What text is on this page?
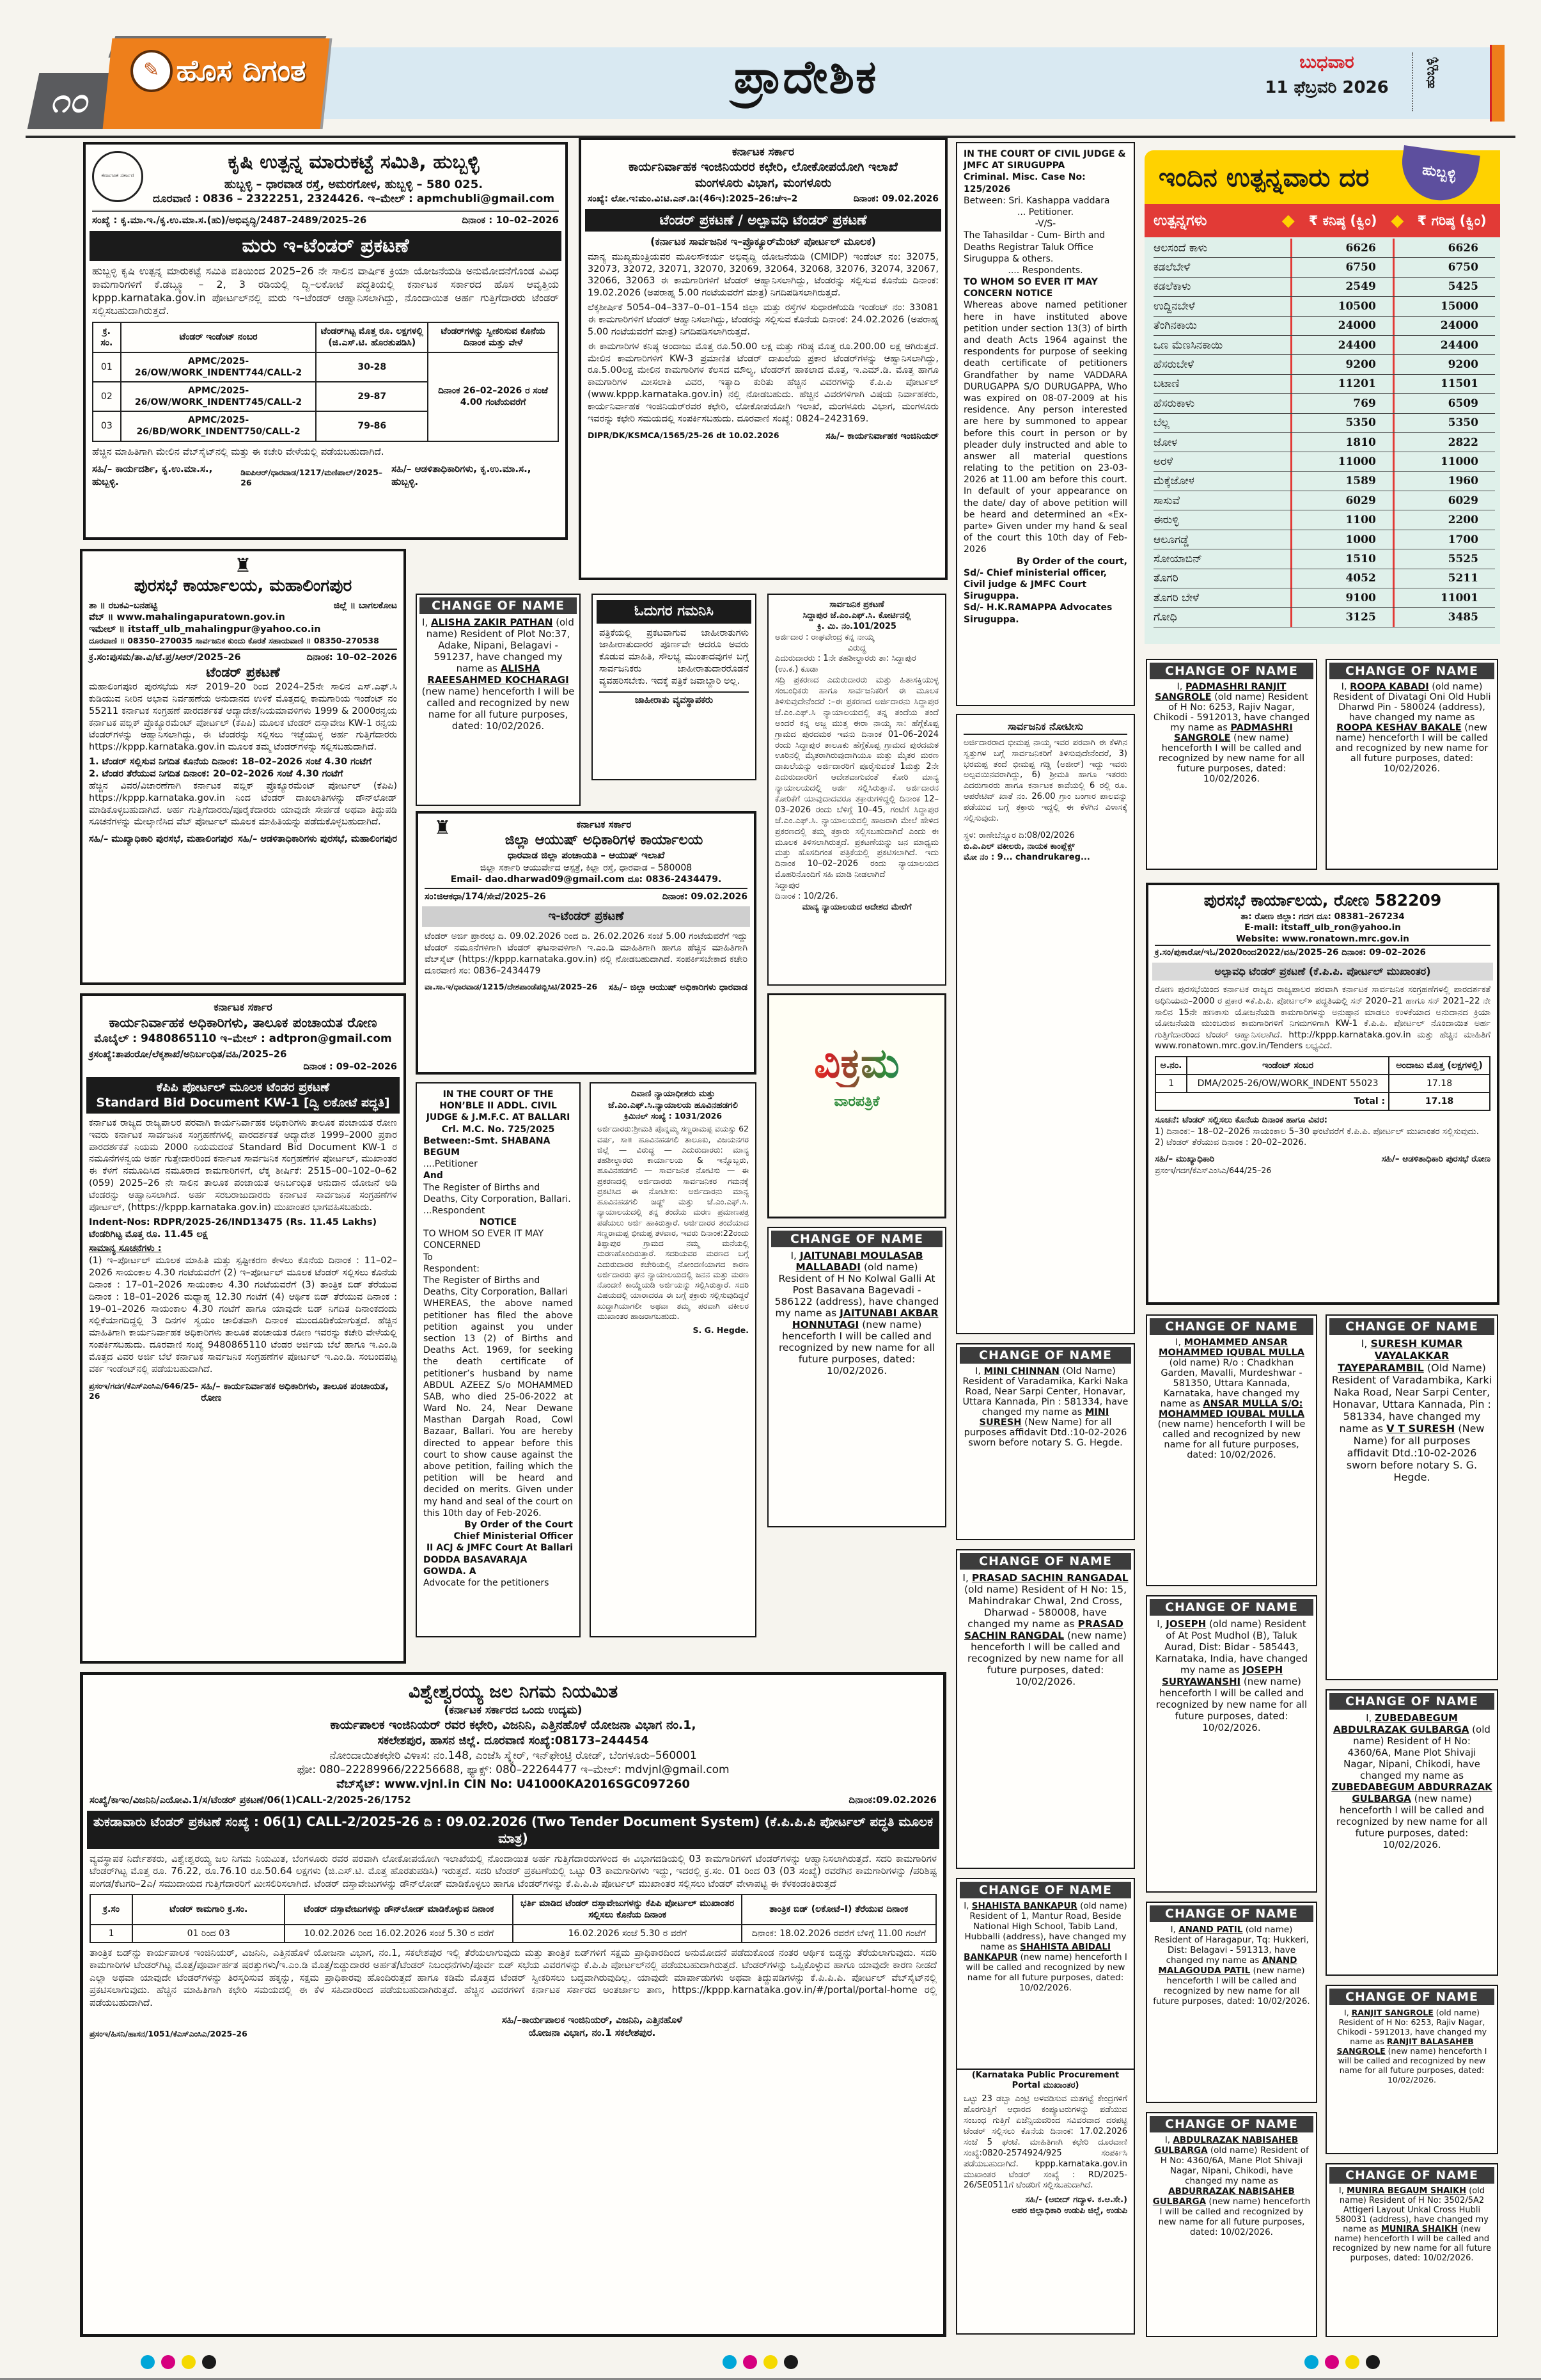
೧೦
✎ ಹೊಸ ದಿಗಂತ	ಪ್ರಾದೇಶಿಕ	ಬುಧವಾರ
11 ಫೆಬ್ರವರಿ 2026	ಹುಬ್ಬಳ್ಳಿ
ಕರ್ನಾಟಕ ಸರ್ಕಾರ
ಕೃಷಿ ಉತ್ಪನ್ನ ಮಾರುಕಟ್ಟೆ ಸಮಿತಿ, ಹುಬ್ಬಳ್ಳಿ
ಹುಬ್ಬಳ್ಳಿ – ಧಾರವಾಡ ರಸ್ತೆ, ಅಮರಗೋಳ, ಹುಬ್ಬಳ್ಳಿ – 580 025.
ದೂರವಾಣಿ : 0836 – 2322251, 2324426. ಇ–ಮೇಲ್ : apmchubli@gmail.com
ಸಂಖ್ಯೆ : ಕೃ.ಮಾ.ಇ./ಕೃ.ಉ.ಮಾ.ಸ.(ಹು)/ಅಭಿವೃದ್ಧಿ/2487–2489/2025–26	ದಿನಾಂಕ : 10–02–2026
ಮರು ಇ-ಟೆಂಡರ್ ಪ್ರಕಟಣೆ
ಹುಬ್ಬಳ್ಳಿ ಕೃಷಿ ಉತ್ಪನ್ನ ಮಾರುಕಟ್ಟೆ ಸಮಿತಿ ವತಿಯಿಂದ 2025–26 ನೇ ಸಾಲಿನ ವಾರ್ಷಿಕ ಕ್ರಿಯಾ ಯೋಜನೆಯಡಿ ಅನುಮೋದನೆಗೊಂಡ ವಿವಿಧ ಕಾಮಗಾರಿಗಳಿಗೆ ಕೆ.ಡಬ್ಲ್ಯೂ – 2, 3 ರಡಿಯಲ್ಲಿ ದ್ವಿ–ಲಕೋಟೆ ಪದ್ಧತಿಯಲ್ಲಿ ಕರ್ನಾಟಕ ಸರ್ಕಾರದ ಹೊಸ ಆವೃತ್ತಿಯ kppp.karnataka.gov.in ಪೋರ್ಟಲ್‌ನಲ್ಲಿ ಮರು ಇ–ಟೆಂಡರ್ ಆಹ್ವಾನಿಸಲಾಗಿದ್ದು, ನೊಂದಾಯಿತ ಅರ್ಹ ಗುತ್ತಿಗೆದಾರರು ಟೆಂಡರ್ ಸಲ್ಲಿಸಬಹುದಾಗಿರುತ್ತದೆ.
ಕ್ರ. ಸಂ.	ಟೆಂಡರ್ ಇಂಡೆಂಟ್ ನಂಬರ	ಟೆಂಡರ್‌ಗಿಟ್ಟ ಮೊತ್ತ ರೂ. ಲಕ್ಷಗಳಲ್ಲಿ (ಜಿ.ಎಸ್.ಟಿ. ಹೊರತುಪಡಿಸಿ)	ಟೆಂಡರ್‌ಗಳನ್ನು ಸ್ವೀಕರಿಸುವ ಕೊನೆಯ ದಿನಾಂಕ ಮತ್ತು ವೇಳೆ
01	APMC/2025-26/OW/WORK_INDENT744/CALL-2	30-28	ದಿನಾಂಕ 26–02–2026 ರ ಸಂಜೆ 4.00 ಗಂಟೆಯವರೆಗೆ
02	APMC/2025-26/OW/WORK_INDENT745/CALL-2	29-87	
03	APMC/2025-26/BD/WORK_INDENT750/CALL-2	79-86	
ಹೆಚ್ಚಿನ ಮಾಹಿತಿಗಾಗಿ ಮೇಲಿನ ವೆಬ್‌ಸೈಟ್‌ನಲ್ಲಿ ಮತ್ತು ಈ ಕಚೇರಿ ವೇಳೆಯಲ್ಲಿ ಪಡೆಯಬಹುದಾಗಿದೆ.
ಸಹಿ/– ಕಾರ್ಯದರ್ಶಿ, ಕೃ.ಉ.ಮಾ.ಸ., ಹುಬ್ಬಳ್ಳಿ.
ಡಿಐಪಿಆರ್/ಧಾರವಾಡ/1217/ಮಣಿಪಾಲ್/2025–26
ಸಹಿ/– ಆಡಳಿತಾಧಿಕಾರಿಗಳು, ಕೃ.ಉ.ಮಾ.ಸ., ಹುಬ್ಬಳ್ಳಿ.
ಕರ್ನಾಟಕ ಸರ್ಕಾರ
ಕಾರ್ಯನಿರ್ವಾಹಕ ಇಂಜಿನಿಯರರ ಕಛೇರಿ, ಲೋಕೋಪಯೋಗಿ ಇಲಾಖೆ
ಮಂಗಳೂರು ವಿಭಾಗ, ಮಂಗಳೂರು
ಸಂಖ್ಯೆ: ಲೋ.ಇ:ಮಂ.ವಿ:ಟಿ.ಎನ್.ಡಿ:(46ಇ):2025–26:ಚೆಇ–2	ದಿನಾಂಕ: 09.02.2026
ಟೆಂಡರ್ ಪ್ರಕಟಣೆ / ಅಲ್ಪಾವಧಿ ಟೆಂಡರ್ ಪ್ರಕಟಣೆ
(ಕರ್ನಾಟಕ ಸಾರ್ವಜನಿಕ ಇ–ಪ್ರೊಕ್ಯೂರ್‌ಮೆಂಟ್ ಪೋರ್ಟಲ್ ಮೂಲಕ)
ಮಾನ್ಯ ಮುಖ್ಯಮಂತ್ರಿಯವರ ಮೂಲಸೌಕರ್ಯ ಅಭಿವೃದ್ಧಿ ಯೋಜನೆಯಡಿ (CMIDP) ಇಂಡೆಂಟ್ ನಂ: 32075, 32073, 32072, 32071, 32070, 32069, 32064, 32068, 32076, 32074, 32067, 32066, 32063 ಈ ಕಾಮಗಾರಿಗಳಿಗೆ ಟೆಂಡರ್ ಆಹ್ವಾನಿಸಲಾಗಿದ್ದು, ಟೆಂಡರನ್ನು ಸಲ್ಲಿಸುವ ಕೊನೆಯ ದಿನಾಂಕ: 19.02.2026 (ಅಪರಾಹ್ನ 5.00 ಗಂಟೆಯವರೆಗೆ ಮಾತ್ರ) ನಿಗದಿಪಡಿಸಲಾಗಿರುತ್ತದೆ.
ಲೆಕ್ಕಶೀರ್ಷಿಕೆ 5054–04–337–0–01–154 ಜಿಲ್ಲಾ ಮತ್ತು ರಸ್ತೆಗಳ ಸುಧಾರಣೆಯಡಿ ಇಂಡೆಂಟ್ ನಂ: 33081 ಈ ಕಾಮಗಾರಿಗಳಿಗೆ ಟೆಂಡರ್ ಆಹ್ವಾನಿಸಲಾಗಿದ್ದು, ಟೆಂಡರನ್ನು ಸಲ್ಲಿಸುವ ಕೊನೆಯ ದಿನಾಂಕ: 24.02.2026 (ಅಪರಾಹ್ನ 5.00 ಗಂಟೆಯವರೆಗೆ ಮಾತ್ರ) ನಿಗದಿಪಡಿಸಲಾಗಿರುತ್ತದೆ.
ಈ ಕಾಮಗಾರಿಗಳ ಕನಿಷ್ಠ ಅಂದಾಜು ಮೊತ್ತ ರೂ.50.00 ಲಕ್ಷ ಮತ್ತು ಗರಿಷ್ಠ ಮೊತ್ತ ರೂ.200.00 ಲಕ್ಷ ಆಗಿರುತ್ತದೆ. ಮೇಲಿನ ಕಾಮಗಾರಿಗಳಿಗೆ KW-3 ಪ್ರಮಾಣಿತ ಟೆಂಡರ್ ದಾಖಲೆಯ ಪ್ರಕಾರ ಟೆಂಡರ್‌ಗಳನ್ನು ಆಹ್ವಾನಿಸಲಾಗಿದ್ದು, ರೂ.5.00ಲಕ್ಷ ಮೇಲಿನ ಕಾಮಗಾರಿಗಳ ಕೆಲಸದ ಮೌಲ್ಯ, ಟೆಂಡರ್‌ಗೆ ಹಾಕಲಾದ ಮೊತ್ತ, ಇ.ಎಮ್.ಡಿ. ಮೊತ್ತ ಹಾಗೂ ಕಾಮಗಾರಿಗಳ ಮೀಸಲಾತಿ ವಿವರ, ಇತ್ಯಾದಿ ಕುರಿತು ಹೆಚ್ಚಿನ ವಿವರಗಳನ್ನು ಕೆ.ಪಿ.ಪಿ ಪೋರ್ಟಲ್ (www.kppp.karnataka.gov.in) ನಲ್ಲಿ ನೋಡಬಹುದು. ಹೆಚ್ಚಿನ ವಿವರಗಳಿಗಾಗಿ ವಿಷಯ ನಿರ್ವಾಹಕರು, ಕಾರ್ಯನಿರ್ವಾಹಕ ಇಂಜಿನಿಯರ್‌ರವರ ಕಛೇರಿ, ಲೋಕೋಪಯೋಗಿ ಇಲಾಖೆ, ಮಂಗಳೂರು ವಿಭಾಗ, ಮಂಗಳೂರು ಇವರನ್ನು ಕಛೇರಿ ಸಮಯದಲ್ಲಿ ಸಂಪರ್ಕಿಸಬಹುದು. ದೂರವಾಣಿ ಸಂಖ್ಯೆ: 0824–2423169.
DIPR/DK/KSMCA/1565/25-26 dt 10.02.2026	ಸಹಿ/– ಕಾರ್ಯನಿರ್ವಾಹಕ ಇಂಜಿನಿಯರ್
IN THE COURT OF CIVIL JUDGE & JMFC AT SIRUGUPPA
Criminal. Misc. Case No: 125/2026
Between: Sri. Kashappa vaddara
... Petitioner.
-V/S-
The Tahasildar - Cum- Birth and Deaths Registrar Taluk Office Siruguppa & others.
.... Respondents.
TO WHOM SO EVER IT MAY CONCERN NOTICE
Whereas above named petitioner here in have instituted above petition under section 13(3) of birth and death Acts 1964 against the respondents for purpose of seeking death certificate of petitioners Grandfather by name VADDARA DURUGAPPA S/O DURUGAPPA, Who was expired on 08-07-2009 at his residence. Any person interested are here by summoned to appear before this court in person or by pleader duly instructed and able to answer all material questions relating to the petition on 23-03-2026 at 11.00 am before this court. In default of your appearance on the date/ day of above petition will be heard and determined an «Ex-parte» Given under my hand & seal of the court this 10th day of Feb-2026
By Order of the court,
Sd/- Chief ministerial officer, Civil judge & JMFC Court Siruguppa.
Sd/- H.K.RAMAPPA Advocates Siruguppa.
ಇಂದಿನ ಉತ್ಪನ್ನವಾರು ದರ	ಹುಬ್ಬಳ್ಳಿ
ಉತ್ಪನ್ನಗಳು	◆	₹ ಕನಿಷ್ಠ (ಕ್ವಿಂ) ◆	₹ ಗರಿಷ್ಠ (ಕ್ವಿಂ)
ಆಲಸಂದೆ ಕಾಳು	6626	6626
ಕಡಲೆಬೇಳೆ	6750	6750
ಕಡಲೆಕಾಳು	2549	5425
ಉದ್ದಿನಬೇಳೆ	10500	15000
ತೆಂಗಿನಕಾಯಿ	24000	24000
ಒಣ ಮೆಣಸಿನಕಾಯಿ	24400	24400
ಹೆಸರುಬೇಳೆ	9200	9200
ಬಟಾಣಿ	11201	11501
ಹೆಸರುಕಾಳು	769	6509
ಬೆಲ್ಲ	5350	5350
ಜೋಳ	1810	2822
ಅರಳೆ	11000	11000
ಮೆಕ್ಕೆಜೋಳ	1589	1960
ಸಾಸುವೆ	6029	6029
ಈರುಳ್ಳಿ	1100	2200
ಆಲೂಗಡ್ಡೆ	1000	1700
ಸೋಯಾಬಿನ್	1510	5525
ತೊಗರಿ	4052	5211
ತೊಗರಿ ಬೇಳೆ	9100	11001
ಗೋಧಿ	3125	3485
♜
ಪುರಸಭೆ ಕಾರ್ಯಾಲಯ, ಮಹಾಲಿಂಗಪುರ
ತಾ ॥ ರಬಕವಿ–ಬನಹಟ್ಟಿ	ಜಿಲ್ಲೆ ॥ ಬಾಗಲಕೋಟ
ವೆಬ್ ॥ www.mahalingapuratown.gov.in
ಇಮೇಲ್ ॥ itstaff_ulb_mahalingpur@yahoo.co.in
ದೂರವಾಣಿ ॥ 08350–270035 ಸಾರ್ವಜನಿಕ ಕುಂದು ಕೊರತೆ ಸಹಾಯವಾಣಿ ॥ 08350–270538
ಕ್ರ.ಸಂ:ಪುಸಮ/ತಾ.ವಿ/ಟೆ.ಪ್ರ/ಸಿಆರ್/2025–26	ದಿನಾಂಕ: 10–02–2026
ಟೆಂಡರ್ ಪ್ರಕಟಣೆ
ಮಹಾಲಿಂಗಪೂರ ಪುರಸಭೆಯ ಸನ್ 2019–20 ರಿಂದ 2024–25ನೇ ಸಾಲಿನ ಎಸ್.ಎಫ್.ಸಿ ಕುಡಿಯುವ ನೀರಿನ ಅಭಾವ ನಿರ್ವಹಣೆಯ ಅನುದಾನದ ಉಳಿಕೆ ಮೊತ್ತದಲ್ಲಿ ಕಾಮಗಾರಿಯ ಇಂಡೆಂಟ್ ನಂ 55211 ಕರ್ನಾಟಕ ಸಂಗ್ರಹಣೆ ಪಾರದರ್ಶಕತೆ ಆದ್ಯಾದೇಶ/ನಿಯಮಾವಳಿಗಳು 1999 & 2000ರನ್ವಯ ಕರ್ನಾಟಕ ಪಬ್ಲಿಕ್ ಪ್ರೊಕ್ಯೂರಮೆಂಟ್ ಪೋರ್ಟಲ್ (ಕೆಪಿಪಿ) ಮೂಲಕ ಟೆಂಡರ್ ದಸ್ತಾವೇಜ KW-1 ರನ್ವಯ ಟೆಂಡರ್‌ಗಳನ್ನು ಆಹ್ವಾನಿಸಲಾಗಿದ್ದು, ಈ ಟೆಂಡರನ್ನು ಸಲ್ಲಿಸಲು ಇಚ್ಛೆಯುಳ್ಳ ಅರ್ಹ ಗುತ್ತಿಗೆದಾರರು https://kppp.karnataka.gov.in ಮೂಲಕ ತಮ್ಮ ಟೆಂಡರ್‌ಗಳನ್ನು ಸಲ್ಲಿಸಬಹುದಾಗಿದೆ.
1. ಟೆಂಡರ್ ಸಲ್ಲಿಸುವ ನಿಗದಿತ ಕೊನೆಯ ದಿನಾಂಕ: 18–02–2026 ಸಂಜೆ 4.30 ಗಂಟೆಗೆ
2. ಟೆಂಡರ ತೆರೆಯುವ ನಿಗದಿತ ದಿನಾಂಕ: 20–02–2026 ಸಂಜೆ 4.30 ಗಂಟೆಗೆ
ಹೆಚ್ಚಿನ ವಿವರ/ವಿಚಾರಣೆಗಾಗಿ ಕರ್ನಾಟಕ ಪಬ್ಲಿಕ್ ಪ್ರೊಕ್ಯೂರಮೆಂಟ್ ಪೋರ್ಟಲ್ (ಕೆಪಿಪಿ) https://kppp.karnataka.gov.in ನಿಂದ ಟೆಂಡರ್ ದಾಖಲಾತಿಗಳನ್ನು ಡೌನ್‌ಲೋಡ್ ಮಾಡಿಕೊಳ್ಳಬಹುದಾಗಿದೆ. ಅರ್ಹ ಗುತ್ತಿಗೆದಾರರು/ಪೂರೈಕೆದಾರರು ಯಾವುದೇ ಸೇರ್ಪಡೆ ಅಥವಾ ತಿದ್ದುಪಡಿ ಸೂಚನೆಗಳನ್ನು ಮೇಲ್ಕಾಣಿಸಿದ ವೆಬ್ ಪೋರ್ಟಲ್ ಮೂಲಕ ಮಾಹಿತಿಯನ್ನು ಪಡೆದುಕೊಳ್ಳಬಹುದಾಗಿದೆ.
ಸಹಿ/– ಮುಖ್ಯಾಧಿಕಾರಿ ಪುರಸಭೆ, ಮಹಾಲಿಂಗಪುರ ಸಹಿ/– ಆಡಳಿತಾಧಿಕಾರಿಗಳು ಪುರಸಭೆ, ಮಹಾಲಿಂಗಪುರ
ಓದುಗರ ಗಮನಿಸಿ
ಪತ್ರಿಕೆಯಲ್ಲಿ ಪ್ರಕಟವಾಗುವ ಜಾಹೀರಾತುಗಳು ಜಾಹೀರಾತುದಾರರ ಪೂರ್ಣವೇ ಆದರೂ ಅವರು ಕೊಡುವ ಮಾಹಿತಿ, ಸೌಲಭ್ಯ ಮುಂತಾದವುಗಳ ಬಗ್ಗೆ ಸಾರ್ವಜನಿಕರು ಜಾಹೀರಾತುದಾರರೊಡನೆ ವ್ಯವಹರಿಸಬೇಕು. ಇದಕ್ಕೆ ಪತ್ರಿಕೆ ಜವಾಬ್ದಾರಿ ಅಲ್ಲ.
ಜಾಹೀರಾತು ವ್ಯವಸ್ಥಾಪಕರು
ಸಾರ್ವಜನಿಕ ಪ್ರಕಟಣೆ
ಸಿದ್ದಾಪುರ ಜೆ.ಎಂ.ಎ‌ಫ್.ಸಿ. ಕೋರ್ಟಿನಲ್ಲಿ
ಕ್ರಿ. ಮಿ. ನಂ.101/2025
ಅರ್ಜಿದಾರ : ರಾಘವೇಂದ್ರ ಕನ್ನ ನಾಯ್ಕ
ವಿರುದ್ಧ
ಎದುರುದಾರರು : 1ನೇ ತಹಶೀಲ್ದಾರರು ತಾ: ಸಿದ್ದಾಪುರ (ಉ.ಕ.) ಕೂಡಾ
ಸದ್ರಿ ಪ್ರಕರಣದ ಎದುರುದಾರರು ಮತ್ತು ಹಿತಾಸಕ್ತಿಯುಳ್ಳ ಸಂಬಂಧಿಕರು ಹಾಗೂ ಸಾರ್ವಜನಿಕರಿಗೆ ಈ ಮೂಲಕ ತಿಳಿಸುವುದೇನೆಂದರೆ :–ಈ ಪ್ರಕರಣದ ಅರ್ಜಿದಾರನು ಸಿದ್ದಾಪುರ ಜೆ.ಎಂ.ಎಫ್.ಸಿ ನ್ಯಾಯಾಲಯದಲ್ಲಿ ತನ್ನ ತಂದೆಯ ತಂದೆ ಅಂದರೆ ಕನ್ನ ಅಜ್ಜ ಮುತ್ತ ಈರಾ ನಾಯ್ಕ ಸಾ: ಹೆಗ್ಗೆಕೊಪ್ಪ ಗ್ರಾಮದ ಪುರದಮಠ ಇವನು ದಿನಾಂಕ 01–06–2024 ರಂದು ಸಿದ್ದಾಪುರ ತಾಲೂಕು ಹೆಗ್ಗೆಕೊಪ್ಪ ಗ್ರಾಮದ ಪುರದಮಠ ಊರಿನಲ್ಲಿ ಮೈತರಾಗಿರುವುದಾಗಿಯೂ ಮತ್ತು ಮೈತರ ಮರಣ ದಾಖಲೆಯನ್ನು ಅರ್ಜಿದಾರರಿಗೆ ಪೂರೈಸುವಂತೆ 1ಮತ್ತು 2ನೇ ಎದುರುದಾರರಿಗೆ ಆದೇಶವಾಗುವಂತೆ ಕೋರಿ ಮಾನ್ಯ ನ್ಯಾಯಾಲಯದಲ್ಲಿ ಅರ್ಜಿ ಸಲ್ಲಿಸಿರುತ್ತಾನೆ. ಅರ್ಜಿದಾರನ ಕೋರಿಕೆಗೆ ಯಾವುದಾದವರೂ ತಕ್ರಾರುಗಳಿದ್ದಲ್ಲಿ ದಿನಾಂಕ 12–03–2026 ರಂದು ಬೆಳಿಗ್ಗೆ 10–45, ಗಂಟೆಗೆ ಸಿದ್ದಾಪುರ ಜೆ.ಎಂ.ಎಫ್.ಸಿ. ನ್ಯಾಯಾಲಯದಲ್ಲಿ ಹಾಜರಾಗಿ ಮೇಲೆ ಹೇಳಿದ ಪ್ರಕರಣದಲ್ಲಿ ತಮ್ಮ ತಕ್ರಾರು ಸಲ್ಲಿಸಬಹುದಾಗಿದೆ ಎಂದು ಈ ಮೂಲಕ ತಿಳಿಸಲಾಗಿರುತ್ತದೆ. ಪ್ರಕಟಣೆಯನ್ನು ಜನ ಮಾಧ್ಯಮ ಮತ್ತು ಹೊಸದಿಗಂತ ಪತ್ರಿಕೆಯಲ್ಲಿ ಪ್ರಕಟಿಸಲಾಗಿದೆ. ಇದು ದಿನಾಂಕ 10–02–2026 ರಂದು ನ್ಯಾಯಾಲಯದ ಮೊಹರಿನೊಂದಿಗೆ ಸಹಿ ಮಾಡಿ ನೀಡಲಾಗಿದೆ
ಸಿದ್ದಾಪುರ
ದಿನಾಂಕ : 10/2/26.
ಮಾನ್ಯ ನ್ಯಾಯಾಲಯದ ಆದೇಶದ ಮೇರೆಗೆ
♜	ಕರ್ನಾಟಕ ಸರ್ಕಾರ
ಜಿಲ್ಲಾ ಆಯುಷ್ ಅಧಿಕಾರಿಗಳ ಕಾರ್ಯಾಲಯ
ಧಾರವಾಡ ಜಿಲ್ಲಾ ಪಂಚಾಯತಿ – ಆಯುಷ್ ಇಲಾಖೆ
ಜಿಲ್ಲಾ ಸರ್ಕಾರಿ ಆಯುರ್ವೇದ ಆಸ್ಪತ್ರೆ, ಕಿಲ್ಲಾ ರಸ್ತೆ, ಧಾರವಾಡ – 580008
Email- dao.dharwad09@gmail.com ದೂ: 0836-2434479.
ಸಂ:ಜಿಆಕಧಾ/174/ಸೇವೆ/2025–26	ದಿನಾಂಕ: 09.02.2026
ಇ-ಟೆಂಡರ್ ಪ್ರಕಟಣೆ
ಟೆಂಡರ್ ಅರ್ಜಿ ಪ್ರಾರಂಭ ದಿ. 09.02.2026 ರಿಂದ ದಿ. 26.02.2026 ಸಂಜೆ 5.00 ಗಂಟೆಯವರೆಗೆ ಇದ್ದು ಟೆಂಡರ್ ನಮೂನೆಗಳಿಗಾಗಿ ಟೆಂಡರ್ ಘಟನಾವಳಿಗಾಗಿ ಇ.ಎಂ.ಡಿ ಮಾಹಿತಿಗಾಗಿ ಹಾಗೂ ಹೆಚ್ಚಿನ ಮಾಹಿತಿಗಾಗಿ ವೆಬ್‌ಸೈಟ್ (https://kppp.karnataka.gov.in) ನಲ್ಲಿ ನೋಡಬಹುದಾಗಿದೆ. ಸಂಪರ್ಕಿಸಬೇಕಾದ ಕಚೇರಿ ದೂರವಾಣಿ ಸಂ: 0836–2434479
ವಾ.ಸಾ.ಇ/ಧಾರವಾಡ/1215/ದೇಶಪಾಂಡೆಪಬ್ಲಿಸಿಟಿ/2025–26 ಸಹಿ/– ಜಿಲ್ಲಾ ಆಯುಷ್ ಅಧಿಕಾರಿಗಳು ಧಾರವಾಡ
ಸಾರ್ವಜನಿಕ ನೋಟೀಸು
ಅರ್ಜಿದಾರರಾದ ಭೀಮಪ್ಪ ನಾಯ್ಕ ಇವರ ಪರವಾಗಿ ಈ ಕೆಳಗಿನ ಸ್ವತ್ತುಗಳ ಬಗ್ಗೆ ಸಾರ್ವಜನಿಕರಿಗೆ ತಿಳಿಸುವುದೇನೆಂದರೆ, 3) ಭರಮಪ್ಪ ತಂದೆ ಭೀಮಪ್ಪ ಗಡ್ಡಿ (ಅಜೀರ್) ಇದ್ದು ಇವರು ಅಲ್ಪವಯಿನವರಾಗಿದ್ದು, 6) ಶ್ರೀಮತಿ ಹಾಗೂ ಇತರರು ಎದರುಗಾರರು ಹಾಗೂ ಕರ್ನಾಟಕ ಕಾವೆಯಲ್ಲಿ 6 ರಲ್ಲಿ ರೂ. ಆಪರೇಟಿವ್ ಖಾತೆ ನಂ. 26.00 ಗ್ರಾಂ ಬಂಗಾರ ಪಾಲವನ್ನು ಪಡೆಯುವ ಬಗ್ಗೆ ತಕ್ರಾರು ಇದ್ದಲ್ಲಿ ಈ ಕೆಳಗಿನ ವಿಳಾಸಕ್ಕೆ ಸಲ್ಲಿಸುವುದು.
ಸ್ಥಳ: ರಾಣೇಬೆನ್ನೂರ ದಿ:08/02/2026
ಬಿ.ಎ.ಎಲ್ ವಕೀಲರು, ನಾಯಕ ಕಾಂಪ್ಲೆಕ್ಸ್
ಮೋ ನಂ : 9... chandrukareg...
ವಿಕ್ರಮ
ವಾರಪತ್ರಿಕೆ
ಕರ್ನಾಟಕ ಸರ್ಕಾರ
ಕಾರ್ಯನಿರ್ವಾಹಕ ಅಧಿಕಾರಿಗಳು, ತಾಲೂಕ ಪಂಚಾಯತ ರೋಣ
ಮೊಬೈಲ್ : 9480865110 ಇ–ಮೇಲ್ : adtpron@gmail.com
ಕ್ರಸಂಖ್ಯೆ:ತಾಪಂರೋ/ಲೆಕ್ಕಶಾಖೆ/ಅನಿರ್ಬಂಧಿತ/ವಹಿ/2025–26
ದಿನಾಂಕ : 09–02–2026
ಕೆಪಿಪಿ ಪೋರ್ಟಲ್ ಮೂಲಕ ಟೆಂಡರ ಪ್ರಕಟಣೆ
Standard Bid Document KW-1 [ದ್ವಿ ಲಕೋಟೆ ಪದ್ಧತಿ]
ಕರ್ನಾಟಕ ರಾಜ್ಯದ ರಾಜ್ಯಪಾಲರ ಪರವಾಗಿ ಕಾರ್ಯನಿರ್ವಾಹಕ ಅಧಿಕಾರಿಗಳು ತಾಲೂಕ ಪಂಚಾಯತ ರೋಣ ಇವರು ಕರ್ನಾಟಕ ಸಾರ್ವಜನಿಕ ಸಂಗ್ರಹಣೆಗಳಲ್ಲಿ ಪಾರದರ್ಶಕತೆ ಆದ್ಯಾದೇಶ 1999–2000 ಪ್ರಕಾರ ಪಾರದರ್ಶಕತೆ ನಿಯಮ 2000 ನಿಯಮದಂತೆ Standard Bid Document KW-1 ರ ನಮೂನೆಗಳನ್ವಯ ಅರ್ಹ ಗುತ್ತೇದಾರರಿಂದ ಕರ್ನಾಟಕ ಸಾರ್ವಜನಿಕ ಸಂಗ್ರಹಣೆಗಳ ಪೋರ್ಟಲ್, ಮುಖಾಂತರ ಈ ಕೆಳಗೆ ನಮೂದಿಸಿದ ನಮೂರಾದ ಕಾಮಗಾರಿಗಳಿಗೆ, ಲೆಕ್ಕ ಶೀರ್ಷಿಕೆ: 2515–00–102–0–62 (059) 2025–26 ನೇ ಸಾಲಿನ ತಾಲೂಕ ಪಂಚಾಯತ ಅನಿರ್ಬಂಧಿತ ಅನುದಾನ ಯೋಜನೆ ಅಡಿ ಟೆಂಡರನ್ನು ಆಹ್ವಾನಿಸಲಾಗಿದೆ. ಅರ್ಹ ಸರಬರಾಜುದಾರರು ಕರ್ನಾಟಕ ಸಾರ್ವಜನಿಕ ಸಂಗ್ರಹಣೆಗಳ ಪೋರ್ಟಲ್, (https://kppp.karnataka.gov.in) ಮುಖಾಂತರ ಭಾಗವಹಿಸಬಹುದು.
Indent-Nos: RDPR/2025-26/IND13475 (Rs. 11.45 Lakhs)
ಟೆಂಡರಿಗಿಟ್ಟ ಮೊತ್ತ ರೂ. 11.45 ಲಕ್ಷ
ಸಾಮಾನ್ಯ ಸೂಚನೆಗಳು :
(1) ಇ–ಪೋರ್ಟಲ್ ಮೂಲಕ ಮಾಹಿತಿ ಮತ್ತು ಸ್ಪಷ್ಟೀಕರಣ ಕೇಳಲು ಕೊನೆಯ ದಿನಾಂಕ : 11–02–2026 ಸಾಯಂಕಾಲ 4.30 ಗಂಟೆಯವರೆಗೆ (2) ಇ–ಪೋರ್ಟಲ್ ಮೂಲಕ ಟೆಂಡರ್ ಸಲ್ಲಿಸಲು ಕೊನೆಯ ದಿನಾಂಕ : 17–01–2026 ಸಾಯಂಕಾಲ 4.30 ಗಂಟೆಯವರೆಗೆ (3) ತಾಂತ್ರಿಕ ಬಿಡ್ ತೆರೆಯುವ ದಿನಾಂಕ : 18–01–2026 ಮಧ್ಯಾಹ್ನ 12.30 ಗಂಟೆಗೆ (4) ಆರ್ಥಿಕ ಬಿಡ್ ತೆರೆಯುವ ದಿನಾಂಕ : 19–01–2026 ಸಾಯಂಕಾಲ 4.30 ಗಂಟೆಗೆ ಹಾಗೂ ಯಾವುದೇ ಬಿಡ್ ನಿಗದಿತ ದಿನಾಂಕದಂದು ಸಲ್ಲಿಕೆಯಾಗದಿದ್ದಲ್ಲಿ 3 ದಿನಗಳ ಸ್ವಯಂ ಚಾಲಿತವಾಗಿ ದಿನಾಂಕ ಮುಂದೂಡಿಕೆಯಾಗುತ್ತದೆ. ಹೆಚ್ಚಿನ ಮಾಹಿತಿಗಾಗಿ ಕಾರ್ಯನಿರ್ವಾಹಕ ಅಧಿಕಾರಿಗಳು ತಾಲೂಕ ಪಂಚಾಯತ ರೋಣ ಇವರನ್ನು ಕಚೇರಿ ವೇಳೆಯಲ್ಲಿ ಸಂಪರ್ಕಿಸಬಹುದು. ದೂರವಾಣಿ ಸಂಖ್ಯೆ 9480865110 ಟೆಂಡರ ಅರ್ಜಿಯ ಬೆಲೆ ಹಾಗೂ ಇ.ಎಂ.ಡಿ ಮೊತ್ತದ ವಿವರ ಅರ್ಜಿ ಬೆಲೆ ಕರ್ನಾಟಕ ಸಾರ್ವಜನಿಕ ಸಂಗ್ರಹಣೆಗಳ ಪೋರ್ಟಲ್ ಇ.ಎಂ.ಡಿ. ಸಂಬಂದಪಟ್ಟ ವರ್ಕ ಇಂಡೆಂಟ್‌ನಲ್ಲಿ ಪಡೆಯಬಹುದಾಗಿದೆ.
ಪ್ರಸಂಇ/ಗದಗ/ಕೆಎಸ್‌ಎಂಸಿಎ/646/25–26
ಸಹಿ/– ಕಾರ್ಯನಿರ್ವಾಹಕ ಅಧಿಕಾರಿಗಳು, ತಾಲೂಕ ಪಂಚಾಯತ, ರೋಣ
IN THE COURT OF THE HON’BLE II ADDL. CIVIL JUDGE & J.M.F.C. AT BALLARI
Crl. M.C. No. 725/2025
Between:-Smt. SHABANA BEGUM
....Petitioner
And
The Register of Births and Deaths, City Corporation, Ballari.
...Respondent
NOTICE
TO WHOM SO EVER IT MAY CONCERNED
To
Respondent:
The Register of Births and Deaths, City Corporation, Ballari
WHEREAS, the above named petitioner has filed the above petition against you under section 13 (2) of Births and Deaths Act. 1969, for seeking the death certificate of petitioner’s husband by name ABDUL AZEEZ S/o MOHAMMED SAB, who died 25-06-2022 at Ward No. 24, Near Dewane Masthan Dargah Road, Cowl Bazaar, Ballari. You are hereby directed to appear before this court to show cause against the above petition, failing which the petition will be heard and decided on merits. Given under my hand and seal of the court on this 10th day of Feb-2026.
By Order of the Court
Chief Ministerial Officer
II ACJ & JMFC Court At Ballari
DODDA BASAVARAJA GOWDA. A
Advocate for the petitioners
ದಿವಾಣಿ ನ್ಯಾಯಾಧೀಶರು ಮತ್ತು ಜೆ.ಎಂ.ಎಫ್.ಸಿ.ನ್ಯಾಯಾಲಯ ಹೂವಿನಹಡಗಲಿ
ಕ್ರಿಮಿನಲ್ ಸಂಖ್ಯೆ : 1031/2026
ಅರ್ಜಿದಾರರು:ಶ್ರೀಮತಿ ಪೊನ್ನಮ್ಮ ಸಣ್ಣರಾಮಪ್ಪ ವಯಸ್ಸು 62 ವರ್ಷ, ಸಾ॥ ಹೂವಿನಹಡಗಲಿ ತಾಲೂಕು, ವಿಜಯನಗರ ಜಿಲ್ಲೆ — ವಿರುದ್ಧ — ಎದುರುದಾರರು: ಮಾನ್ಯ ತಹಶೀಲ್ದಾರರು ಕಾರ್ಯಾಲಯ & ಇನ್ನೊಬ್ಬರು, ಹೂವಿನಹಡಗಲಿ — ಸಾರ್ವಜನಿಕ ನೋಟಿಸು — ಈ ಪ್ರಕರಣದಲ್ಲಿ ಅರ್ಜಿದಾರರು ಸಾರ್ವಜನಿಕರ ಗಮನಕ್ಕೆ ಪ್ರಕಟಿಸಿದ ಈ ನೋಟೀಸು: ಅರ್ಜಿದಾರನು ಮಾನ್ಯ ಹೂವಿನಹಡಗಲಿ ಜಡ್ಜ್ ಮತ್ತು ಜೆ.ಎಂ.ಎಫ್.ಸಿ. ನ್ಯಾಯಾಲಯದಲ್ಲಿ ತನ್ನ ತಂದೆಯ ಮರಣ ಪ್ರಮಾಣಪತ್ರ ಪಡೆಯಲು ಅರ್ಜಿ ಹಾಕಿರುತ್ತಾರೆ. ಅರ್ಜಿದಾರರ ತಂದೆಯಾದ ಸಣ್ಣರಾಮಪ್ಪ ಭೀಮಪ್ಪ ತಳವಾರ, ಇವರು ದಿನಾಂಕ:22ರಂದು ತಿಪ್ಪಾಪುರ ಗ್ರಾಮದ ನಮ್ಮ ಮನೆಯಲ್ಲಿ ಮರಣಹೊಂದಿರುತ್ತಾರೆ. ಸದರಿಯವರ ಮರಣದ ಬಗ್ಗೆ ಎದುರುದಾರರ ಕಚೇರಿಯಲ್ಲಿ ನೋಂದಣಿಯಾಗದ ಕಾರಣ ಅರ್ಜಿದಾರರು ಘನ ನ್ಯಾಯಾಲಯದಲ್ಲಿ ಜನನ ಮತ್ತು ಮರಣ ನೊಂದಣಿ ಕಾಯ್ದೆಯಡಿ ಅರ್ಜಿಯನ್ನು ಸಲ್ಲಿಸಿರುತ್ತಾರೆ. ಸದರಿ ವಿಷಯದಲ್ಲಿ ಯಾರಾದರೂ ಈ ಬಗ್ಗೆ ತಕ್ರಾರು ಸಲ್ಲಿಸುವುದಿದ್ದರೆ ಖುದ್ದಾಗಿಯಾಗಲೀ ಅಥವಾ ತಮ್ಮ ಪರವಾಗಿ ವಕೀಲರ ಮುಖಾಂತರ ಹಾಜರಾಗಬಹುದು.
S. G. Hegde.
ಪುರಸಭೆ ಕಾರ್ಯಾಲಯ, ರೋಣ 582209
ತಾ: ರೋಣ ಜಿಲ್ಲಾ: ಗದಗ ದೂ: 08381–267234
E-mail: itstaff_ulb_ron@yahoo.in
Website: www.ronatown.mrc.gov.in
ಕ್ರ.ಸಂ/ಪುಕಾರೋ/ಇಓ/2020ರಿಂದ2022/ವಹಿ/2025–26 ದಿನಾಂಕ: 09–02–2026
ಅಲ್ಪಾವಧಿ ಟೆಂಡರ್ ಪ್ರಕಟಣೆ (ಕೆ.ಪಿ.ಪಿ. ಪೋರ್ಟಲ್ ಮುಖಾಂತರ)
ರೋಣ ಪುರಸಭೆಯಿಂದ ಕರ್ನಾಟಕ ರಾಜ್ಯದ ರಾಜ್ಯಪಾಲರ ಪರವಾಗಿ ಕರ್ನಾಟಕ ಸಾರ್ವಜನಿಕ ಸಂಗ್ರಹಣೆಗಳಲ್ಲಿ ಪಾರದರ್ಶಕತೆ ಅಧಿನಿಯಮ–2000 ರ ಪ್ರಕಾರ «ಕೆ.ಪಿ.ಪಿ. ಪೋರ್ಟಲ್» ಪದ್ಧತಿಯಲ್ಲಿ ಸನ್ 2020–21 ಹಾಗೂ ಸನ್ 2021–22 ನೇ ಸಾಲಿನ 15ನೇ ಹಣಕಾಸು ಯೋಜನೆಯಡಿ ಕಾಮಗಾರಿಗಳನ್ನು ಅನುಷ್ಠಾನ ಮಾಡಲು ಉಳಕೆಯಾದ ಅನುದಾನದ ಕ್ರಿಯಾ ಯೋಜನೆಯಡಿ ಮುಂಬರುವ ಕಾಮಗಾರಿಗಳಿಗೆ ನಿಗಮಗಳಿಗಾಗಿ KW-1 ಕೆ.ಪಿ.ಪಿ. ಪೋರ್ಟಲ್ ನೊಂದಾಯಿತ ಅರ್ಹ ಗುತ್ತಿಗೆದಾರರಿಂದ ಟೆಂಡರ್ ಆಹ್ವಾನಿಸಲಾಗಿದೆ. http://kppp.karnataka.gov.in ಮತ್ತು ಹೆಚ್ಚಿನ ಮಾಹಿತಿಗೆ www.ronatown.mrc.gov.in/Tenders ಲಭ್ಯವಿದೆ.
ಅ.ನಂ.	ಇಂಡೆಂಟ್ ಸಂಬರ	ಅಂದಾಜು ಮೊತ್ತ (ಲಕ್ಷಗಳಲ್ಲಿ)
1	DMA/2025-26/OW/WORK_INDENT 55023	17.18
Total :		17.18
ಸೂಚನೆ: ಟೆಂಡರ್ ಸಲ್ಲಿಸಲು ಕೊನೆಯ ದಿನಾಂಕ ಹಾಗೂ ವಿವರ:
1) ದಿನಾಂಕ:– 18–02–2026 ಸಾಯಂಕಾಲ 5–30 ಘಂಟೆವರೆಗೆ ಕೆ.ಪಿ.ಪಿ. ಪೋರ್ಟಲ್ ಮುಖಾಂತರ ಸಲ್ಲಿಸುವುದು.
2) ಟೆಂಡರ್ ತೆರೆಯುವ ದಿನಾಂಕ : 20–02–2026.
ಸಹಿ/– ಮುಖ್ಯಾಧಿಕಾರಿ	ಸಹಿ/– ಆಡಳಿತಾಧಿಕಾರಿ ಪುರಸಭೆ ರೋಣ
ಪ್ರಸಂಇ/ಗದಗ/ಕೆಎಸ್‌ಎಂಸಿಎ/644/25–26
(Karnataka Public Procurement Portal ಮುಖಾಂತರ)
ಒಟ್ಟು 23 ಡಬ್ಬಾ ಎಂಟ್ರಿ ಅಳವಡಿಸುವ ಮತಗಟ್ಟೆ ಕೇಂದ್ರಗಳಿಗೆ ಹೊರಗುತ್ತಿಗೆ ಆಧಾರದ ಕಂಪ್ಯೂಟರುಗಳನ್ನು ಪಡೆಯುವ ಸಂಬಂಧ ಗುತ್ತಿಗೆ ಏಜೆನ್ಸಿಯವರಿಂದ ಸವಿವರವಾದ ದರಪಟ್ಟಿ ಟೆಂಡರ್ ಸಲ್ಲಿಸಲು ಕೊನೆಯ ದಿನಾಂಕ: 17.02.2026 ಸಂಜೆ 5 ಘಂಟೆ. ಮಾಹಿತಿಗಾಗಿ ಕಛೇರಿ ದೂರವಾಣಿ ಸಂಖ್ಯೆ:0820-2574924/925 ಸಂಪರ್ಕಿಸಿ ಪಡೆಯಬಹುದಾಗಿದೆ. kppp.karnataka.gov.in ಮುಖಾಂತರ ಟೆಂಡರ್ ಸಂಖ್ಯೆ : RD/2025-26/SE0511ಗೆ ಟೆಂಡರಿಗೆ ಸಲ್ಲಿಸಬಹುದಾಗಿದೆ.
ಸಹಿ/- (ಅಬೀದ್ ಗದ್ಯಾಳ. ಕ.ಆ.ಸೇ.)
ಅಪರ ಜಿಲ್ಲಾಧಿಕಾರಿ ಉಡುಪಿ ಜಿಲ್ಲೆ, ಉಡುಪಿ
ವಿಶ್ವೇಶ್ವರಯ್ಯ ಜಲ ನಿಗಮ ನಿಯಮಿತ
(ಕರ್ನಾಟಕ ಸರ್ಕಾರದ ಒಂದು ಉದ್ಯಮ)
ಕಾರ್ಯಪಾಲಕ ಇಂಜಿನಿಯರ್ ರವರ ಕಛೇರಿ, ವಿಜನಿನಿ, ಎತ್ತಿನಹೊಳೆ ಯೋಜನಾ ವಿಭಾಗ ನಂ.1,
ಸಕಲೇಶಪುರ, ಹಾಸನ ಜಿಲ್ಲೆ. ದೂರವಾಣಿ ಸಂಖ್ಯೆ:08173–244454
ನೋಂದಾಯಿತಕಛೇರಿ ವಿಳಾಸ: ನಂ.148, ಎಂಜೆಸಿ ಸ್ಕ್ವೇರ್, ಇನ್‌ಫೇಂಟ್ರಿ ರೋಡ್, ಬೆಂಗಳೂರು–560001
ಫೋ: 080–22289966/22256688, ಫ್ಯಾಕ್ಸ್: 080–22264477 ಇ–ಮೇಲ್: mdvjnl@gmail.com
ವೆಬ್‌ಸೈಟ್: www.vjnl.in CIN No: U41000KA2016SGC097260
ಸಂಖ್ಯೆ/ಕಾಇಂ/ವಿಜನಿನಿ/ಎಯೋವಿ.1/ಸ/ಟೆಂಡರ್ ಪ್ರಕಟಣೆ/06(1)CALL-2/2025-26/1752	ದಿನಾಂಕ:09.02.2026
ತುಕಡಾವಾರು ಟೆಂಡರ್ ಪ್ರಕಟಣೆ ಸಂಖ್ಯೆ : 06(1) CALL-2/2025-26 ದಿ : 09.02.2026 (Two Tender Document System) (ಕೆ.ಪಿ.ಪಿ.ಪಿ ಪೋರ್ಟಲ್ ಪದ್ಧತಿ ಮೂಲಕ ಮಾತ್ರ)
ವ್ಯವಸ್ಥಾಪಕ ನಿರ್ದೇಶಕರು, ವಿಶ್ವೇಶ್ವರಯ್ಯ ಜಲ ನಿಗಮ ನಿಯಮಿತ, ಬೆಂಗಳೂರು ರವರ ಪರವಾಗಿ ಲೋಕೋಪಯೋಗಿ ಇಲಾಖೆಯಲ್ಲಿ ನೊಂದಾಯಿತ ಅರ್ಹ ಗುತ್ತಿಗೆದಾರರುಗಳಿಂದ ಈ ವಿಭಾಗದಡಿಯಲ್ಲಿ 03 ಕಾಮಗಾರಿಗಳಿಗೆ ಟೆಂಡರ್‌ಗಳನ್ನು ಆಹ್ವಾನಿಸಲಾಗಿರುತ್ತದೆ. ಸದರಿ ಕಾಮಗಾರಿಗಳ ಟೆಂಡರ್‌ಗಿಟ್ಟ ಮೊತ್ತ ರೂ. 76.22, ರೂ.76.10 ರೂ.50.64 ಲಕ್ಷಗಳು (ಜಿ.ಎಸ್.ಟಿ. ಮೊತ್ತ ಹೊರತುಪಡಿಸಿ) ಇರುತ್ತದೆ. ಸದರಿ ಟೆಂಡರ್ ಪ್ರಕಟಣೆಯಲ್ಲಿ ಒಟ್ಟು 03 ಕಾಮಗಾರಿಗಳು ಇದ್ದು, ಇದರಲ್ಲಿ ಕ್ರ.ಸಂ. 01 ರಿಂದ 03 (03 ಸಂಖ್ಯೆ) ರವರೆಗಿನ ಕಾಮಗಾರಿಗಳನ್ನು /ಪರಿಶಿಷ್ಟ ಪಂಗಡ/ಕೆಟಗರಿ–2ಎ/ ಸಮುದಾಯದ ಗುತ್ತಿಗೆದಾರರಿಗೆ ಮೀಸಲಿರಿಸಲಾಗಿದೆ. ಟೆಂಡರ್ ದಸ್ತಾವೇಜುಗಳನ್ನು ಡೌನ್‌ಲೋಡ್ ಮಾಡಿಕೊಳ್ಳಲು ಹಾಗೂ ಟೆಂಡರ್‌ಗಳನ್ನು ಕೆ.ಪಿ.ಪಿ.ಪಿ ಪೋರ್ಟಲ್ ಮುಖಾಂತರ ಸಲ್ಲಿಸಲು ಟೆಂಡರ್ ವೇಳಾಪಟ್ಟಿ ಈ ಕೆಳಕಂಡಂತಿರುತ್ತದೆ
ಕ್ರ.ಸಂ	ಟೆಂಡರ್ ಕಾಮಗಾರಿ ಕ್ರ.ಸಂ.	ಟೆಂಡರ್ ದಸ್ತಾವೇಜುಗಳನ್ನು ಡೌನ್‌ಲೋಡ್ ಮಾಡಿಕೊಳ್ಳುವ ದಿನಾಂಕ	ಭರ್ತಿ ಮಾಡಿದ ಟೆಂಡರ್ ದಸ್ತಾವೇಜುಗಳನ್ನು ಕೆಪಿಪಿ ಪೋರ್ಟಲ್ ಮುಖಾಂತರ ಸಲ್ಲಿಸಲು ಕೊನೆಯ ದಿನಾಂಕ	ತಾಂತ್ರಿಕ ಬಿಡ್ (ಲಕೋಟೆ–I) ತೆರೆಯುವ ದಿನಾಂಕ
1	01 ರಿಂದ 03	10.02.2026 ರಿಂದ 16.02.2026 ಸಂಜೆ 5.30 ರ ವರೆಗೆ	16.02.2026 ಸಂಜೆ 5.30 ರ ವರೆಗೆ	ದಿನಾಂಕ: 18.02.2026 ರವರೆಗೆ ಬೆಳಿಗ್ಗೆ 11.00 ಗಂಟೆಗೆ
ತಾಂತ್ರಿಕ ಬಿಡ್‌ನ್ನು ಕಾರ್ಯಪಾಲಕ ಇಂಜಿನಿಯರ್, ವಿಜನಿನಿ, ಎತ್ತಿನಹೊಳೆ ಯೋಜನಾ ವಿಭಾಗ, ನಂ.1, ಸಕಲೇಶಪುರ ಇಲ್ಲಿ ತೆರೆಯಲಾಗುವುದು ಮತ್ತು ತಾಂತ್ರಿಕ ಬಿಡ್‌ಗಳಿಗೆ ಸಕ್ಷಮ ಪ್ರಾಧಿಕಾರದಿಂದ ಅನುಮೋದನೆ ಪಡೆದುಕೊಂಡ ನಂತರ ಆರ್ಥಿಕ ಬಿಡ್ಡನ್ನು ತೆರೆಯಲಾಗುವುದು. ಸದರಿ ಕಾಮಗಾರಿಗಳ ಟೆಂಡರ್‌ಗಿಟ್ಟ ಮೊತ್ತ/ಪೂರ್ವಾರ್ಹತ ಷರತ್ತುಗಳು/ಇ.ಎಂ.ಡಿ ಮೊತ್ತ/ಬಿಡ್ಡುದಾರರ ಅರ್ಹತೆ/ಟೆಂಡರ್ ನಿಬಂಧನೆಗಳು/ಪೂರ್ವ ಬಿಡ್ ಸಭೆಯ ವಿವರಗಳನ್ನು ಕೆ.ಪಿ.ಪಿ ಪೋರ್ಟಲ್‌ನಲ್ಲಿ ಪಡೆಯಬಹುದಾಗಿರುತ್ತದೆ. ಟೆಂಡರ್‌ಗಳನ್ನು ಒಪ್ಪಿಕೊಳ್ಳುವ ಹಾಗೂ ಯಾವುದೇ ಕಾರಣ ನೀಡದೆ ಎಲ್ಲಾ ಅಥವಾ ಯಾವುದೇ ಟೆಂಡರ್‌ಗಳನ್ನು ತಿರಸ್ಕರಿಸುವ ಹಕ್ಕನ್ನು, ಸಕ್ಷಮ ಪ್ರಾಧಿಕಾರವು ಹೊಂದಿರುತ್ತದೆ ಹಾಗೂ ಕಡಿಮೆ ಮೊತ್ತದ ಟೆಂಡರ್ ಸ್ವೀಕರಿಸಲು ಬದ್ಧವಾಗಿರುವುದಿಲ್ಲ. ಯಾವುದೇ ಮಾರ್ಪಾಡುಗಳು ಅಥವಾ ತಿದ್ದುಪಡಿಗಳನ್ನು ಕೆ.ಪಿ.ಪಿ.ಪಿ. ಪೋರ್ಟಲ್ ವೆಬ್‌ಸೈಟ್‌ನಲ್ಲಿ ಪ್ರಕಟಿಸಲಾಗುವುದು. ಹೆಚ್ಚಿನ ಮಾಹಿತಿಗಾಗಿ ಕಛೇರಿ ಸಮಯದಲ್ಲಿ ಈ ಕೆಳ ಸಹಿದಾರರಿಂದ ಪಡೆಯಬಹುದಾಗಿರುತ್ತದೆ. ಹೆಚ್ಚಿನ ವಿವರಗಳಿಗೆ ಕರ್ನಾಟಕ ಸರ್ಕಾರದ ಅಂತರ್ಜಾಲ ತಾಣ, https://kppp.karnataka.gov.in/#/portal/portal-home ರಲ್ಲಿ ಪಡೆಯಬಹುದಾಗಿದೆ.
ಪ್ರಸಂಇ/ಹಿಸನಿ/ಹಾಸನ/1051/ಕೆಎಸ್‌ಎಂಸಿಎ/2025–26
ಸಹಿ/–ಕಾರ್ಯಪಾಲಕ ಇಂಜಿನಿಯರ್, ವಿಜನಿನಿ, ಎತ್ತಿನಹೊಳೆ
ಯೋಜನಾ ವಿಭಾಗ, ನಂ.1 ಸಕಲೇಶಪುರ.
CHANGE OF NAME
I, ALISHA ZAKIR PATHAN (old name) Resident of Plot No:37, Adake, Nipani, Belagavi - 591237, have changed my name as ALISHA RAEESAHMED KOCHARAGI (new name) henceforth I will be called and recognized by new name for all future purposes, dated: 10/02/2026.
CHANGE OF NAME
I, PADMASHRI RANJIT SANGROLE (old name) Resident of H No: 6253, Rajiv Nagar, Chikodi - 5912013, have changed my name as PADMASHRI SANGROLE (new name) henceforth I will be called and recognized by new name for all future purposes, dated: 10/02/2026.
CHANGE OF NAME
I, ROOPA KABADI (old name) Resident of Divatagi Oni Old Hubli Dharwd Pin - 580024 (address), have changed my name as ROOPA KESHAV BAKALE (new name) henceforth I will be called and recognized by new name for all future purposes, dated: 10/02/2026.
CHANGE OF NAME
I, JAITUNABI MOULASAB MALLABADI (old name) Resident of H No Kolwal Galli At Post Basavana Bagevadi - 586122 (address), have changed my name as JAITUNABI AKBAR HONNUTAGI (new name) henceforth I will be called and recognized by new name for all future purposes, dated: 10/02/2026.
CHANGE OF NAME
I, MINI CHINNAN (Old Name) Resident of Varadamika, Karki Naka Road, Near Sarpi Center, Honavar, Uttara Kannada, Pin : 581334, have changed my name as MINI SURESH (New Name) for all purposes affidavit Dtd.:10-02-2026 sworn before notary S. G. Hegde.
CHANGE OF NAME
I, PRASAD SACHIN RANGADAL (old name) Resident of H No: 15, Mahindrakar Chwal, 2nd Cross, Dharwad - 580008, have changed my name as PRASAD SACHIN RANGDAL (new name) henceforth I will be called and recognized by new name for all future purposes, dated: 10/02/2026.
CHANGE OF NAME
I, SHAHISTA BANKAPUR (old name) Resident of 1, Mantur Road, Beside National High School, Tabib Land, Hubballi (address), have changed my name as SHAHISTA ABIDALI BANKAPUR (new name) henceforth I will be called and recognized by new name for all future purposes, dated: 10/02/2026.
CHANGE OF NAME
I, MOHAMMED ANSAR MOHAMMED IQUBAL MULLA (old name) R/o : Chadkhan Garden, Mavalli, Murdeshwar - 581350, Uttara Kannada, Karnataka, have changed my name as ANSAR MULLA S/O: MOHAMMED IQUBAL MULLA (new name) henceforth I will be called and recognized by new name for all future purposes, dated: 10/02/2026.
CHANGE OF NAME
I, JOSEPH (old name) Resident of At Post Mudhol (B), Taluk Aurad, Dist: Bidar - 585443, Karnataka, India, have changed my name as JOSEPH SURYAWANSHI (new name) henceforth I will be called and recognized by new name for all future purposes, dated: 10/02/2026.
CHANGE OF NAME
I, ANAND PATIL (old name) Resident of Haragapur, Tq: Hukkeri, Dist: Belagavi - 591313, have changed my name as ANAND MALAGOUDA PATIL (new name) henceforth I will be called and recognized by new name for all future purposes, dated: 10/02/2026.
CHANGE OF NAME
I, ABDULRAZAK NABISAHEB GULBARGA (old name) Resident of H No: 4360/6A, Mane Plot Shivaji Nagar, Nipani, Chikodi, have changed my name as ABDURRAZAK NABISAHEB GULBARGA (new name) henceforth I will be called and recognized by new name for all future purposes, dated: 10/02/2026.
CHANGE OF NAME
I, SURESH KUMAR VAYALAKKAR TAYEPARAMBIL (Old Name) Resident of Varadambika, Karki Naka Road, Near Sarpi Center, Honavar, Uttara Kannada, Pin : 581334, have changed my name as V T SURESH (New Name) for all purposes affidavit Dtd.:10-02-2026 sworn before notary S. G. Hegde.
CHANGE OF NAME
I, ZUBEDABEGUM ABDULRAZAK GULBARGA (old name) Resident of H No: 4360/6A, Mane Plot Shivaji Nagar, Nipani, Chikodi, have changed my name as ZUBEDABEGUM ABDURRAZAK GULBARGA (new name) henceforth I will be called and recognized by new name for all future purposes, dated: 10/02/2026.
CHANGE OF NAME
I, RANJIT SANGROLE (old name) Resident of H No: 6253, Rajiv Nagar, Chikodi - 5912013, have changed my name as RANJIT BALASAHEB SANGROLE (new name) henceforth I will be called and recognized by new name for all future purposes, dated: 10/02/2026.
CHANGE OF NAME
I, MUNIRA BEGAUM SHAIKH (old name) Resident of H No: 3502/5A2 Attigeri Layout Unkal Cross Hubli 580031 (address), have changed my name as MUNIRA SHAIKH (new name) henceforth I will be called and recognized by new name for all future purposes, dated: 10/02/2026.
